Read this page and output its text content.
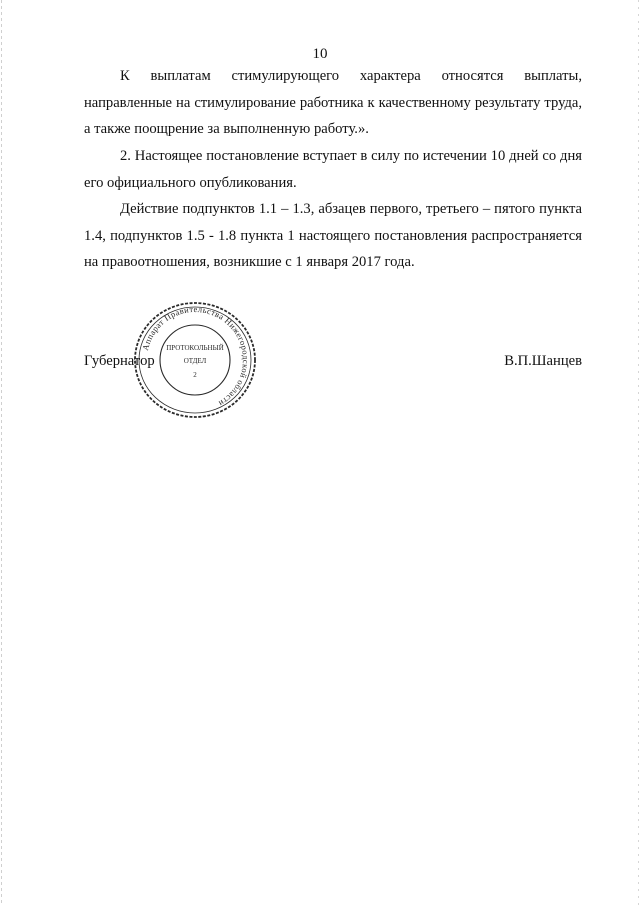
10

К выплатам стимулирующего характера относятся выплаты, направленные на стимулирование работника к качественному результату труда, а также поощрение за выполненную работу.».

2. Настоящее постановление вступает в силу по истечении 10 дней со дня его официального опубликования.

Действие подпунктов 1.1 – 1.3, абзацев первого, третьего – пятого пункта 1.4, подпунктов 1.5 - 1.8 пункта 1 настоящего постановления распространяется на правоотношения, возникшие с 1 января 2017 года.

Губернатор	В.П.Шанцев
Аппарат Правительства Нижегородской области
ПРОТОКОЛЬНЫЙ
ОТДЕЛ
2
